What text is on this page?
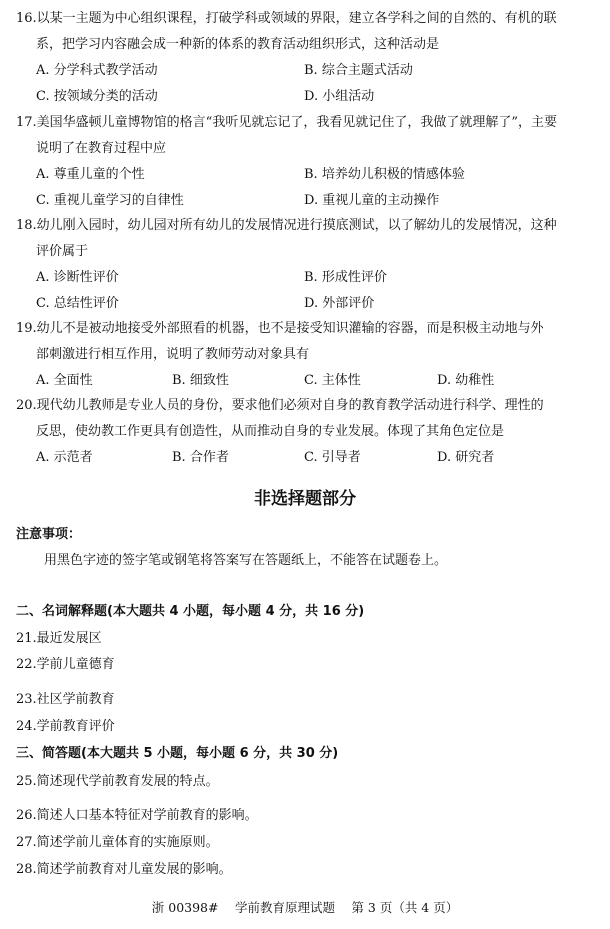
16.以某一主题为中心组织课程，打破学科或领域的界限，建立各学科之间的自然的、有机的联
系，把学习内容融会成一种新的体系的教育活动组织形式，这种活动是
A. 分学科式教学活动	B. 综合主题式活动
C. 按领域分类的活动	D. 小组活动
17.美国华盛顿儿童博物馆的格言“我听见就忘记了，我看见就记住了，我做了就理解了”，主要
说明了在教育过程中应
A. 尊重儿童的个性	B. 培养幼儿积极的情感体验
C. 重视儿童学习的自律性	D. 重视儿童的主动操作
18.幼儿刚入园时，幼儿园对所有幼儿的发展情况进行摸底测试，以了解幼儿的发展情况，这种
评价属于
A. 诊断性评价	B. 形成性评价
C. 总结性评价	D. 外部评价
19.幼儿不是被动地接受外部照看的机器，也不是接受知识灌输的容器，而是积极主动地与外
部刺激进行相互作用，说明了教师劳动对象具有
A. 全面性	B. 细致性	C. 主体性	D. 幼稚性
20.现代幼儿教师是专业人员的身份，要求他们必须对自身的教育教学活动进行科学、理性的
反思，使幼教工作更具有创造性，从而推动自身的专业发展。体现了其角色定位是
A. 示范者	B. 合作者	C. 引导者	D. 研究者
非选择题部分
注意事项：
用黑色字迹的签字笔或钢笔将答案写在答题纸上，不能答在试题卷上。
二、名词解释题(本大题共 4 小题，每小题 4 分，共 16 分)
21.最近发展区
22.学前儿童德育
23.社区学前教育
24.学前教育评价
三、简答题(本大题共 5 小题，每小题 6 分，共 30 分)
25.简述现代学前教育发展的特点。
26.简述人口基本特征对学前教育的影响。
27.简述学前儿童体育的实施原则。
28.简述学前教育对儿童发展的影响。
浙 00398#　 学前教育原理试题　 第 3 页（共 4 页）
